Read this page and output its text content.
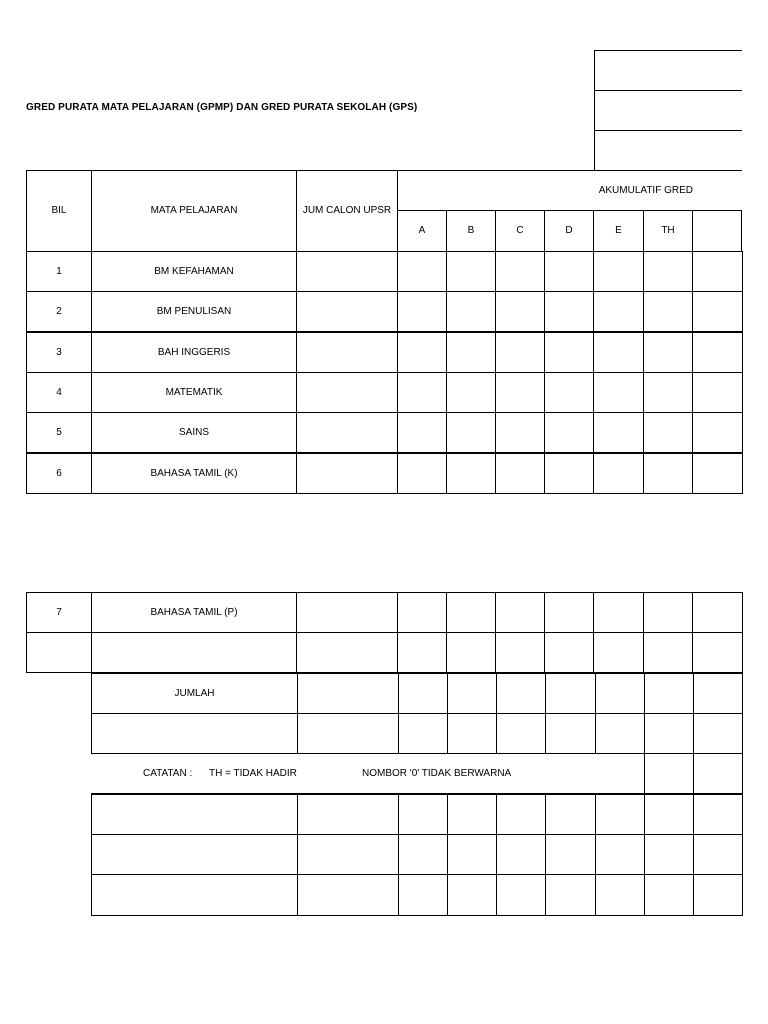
GRED PURATA MATA PELAJARAN (GPMP) DAN GRED PURATA SEKOLAH (GPS)
BIL	MATA PELAJARAN	JUM CALON UPSR
AKUMULATIF GRED
A	B	C	D	E	TH
1	BM KEFAHAMAN
2	BM PENULISAN
3	BAH INGGERIS
4	MATEMATIK
5	SAINS
6	BAHASA TAMIL (K)
7	BAHASA TAMIL (P)
JUMLAH
CATATAN : TH = TIDAK HADIR	NOMBOR '0' TIDAK BERWARNA
